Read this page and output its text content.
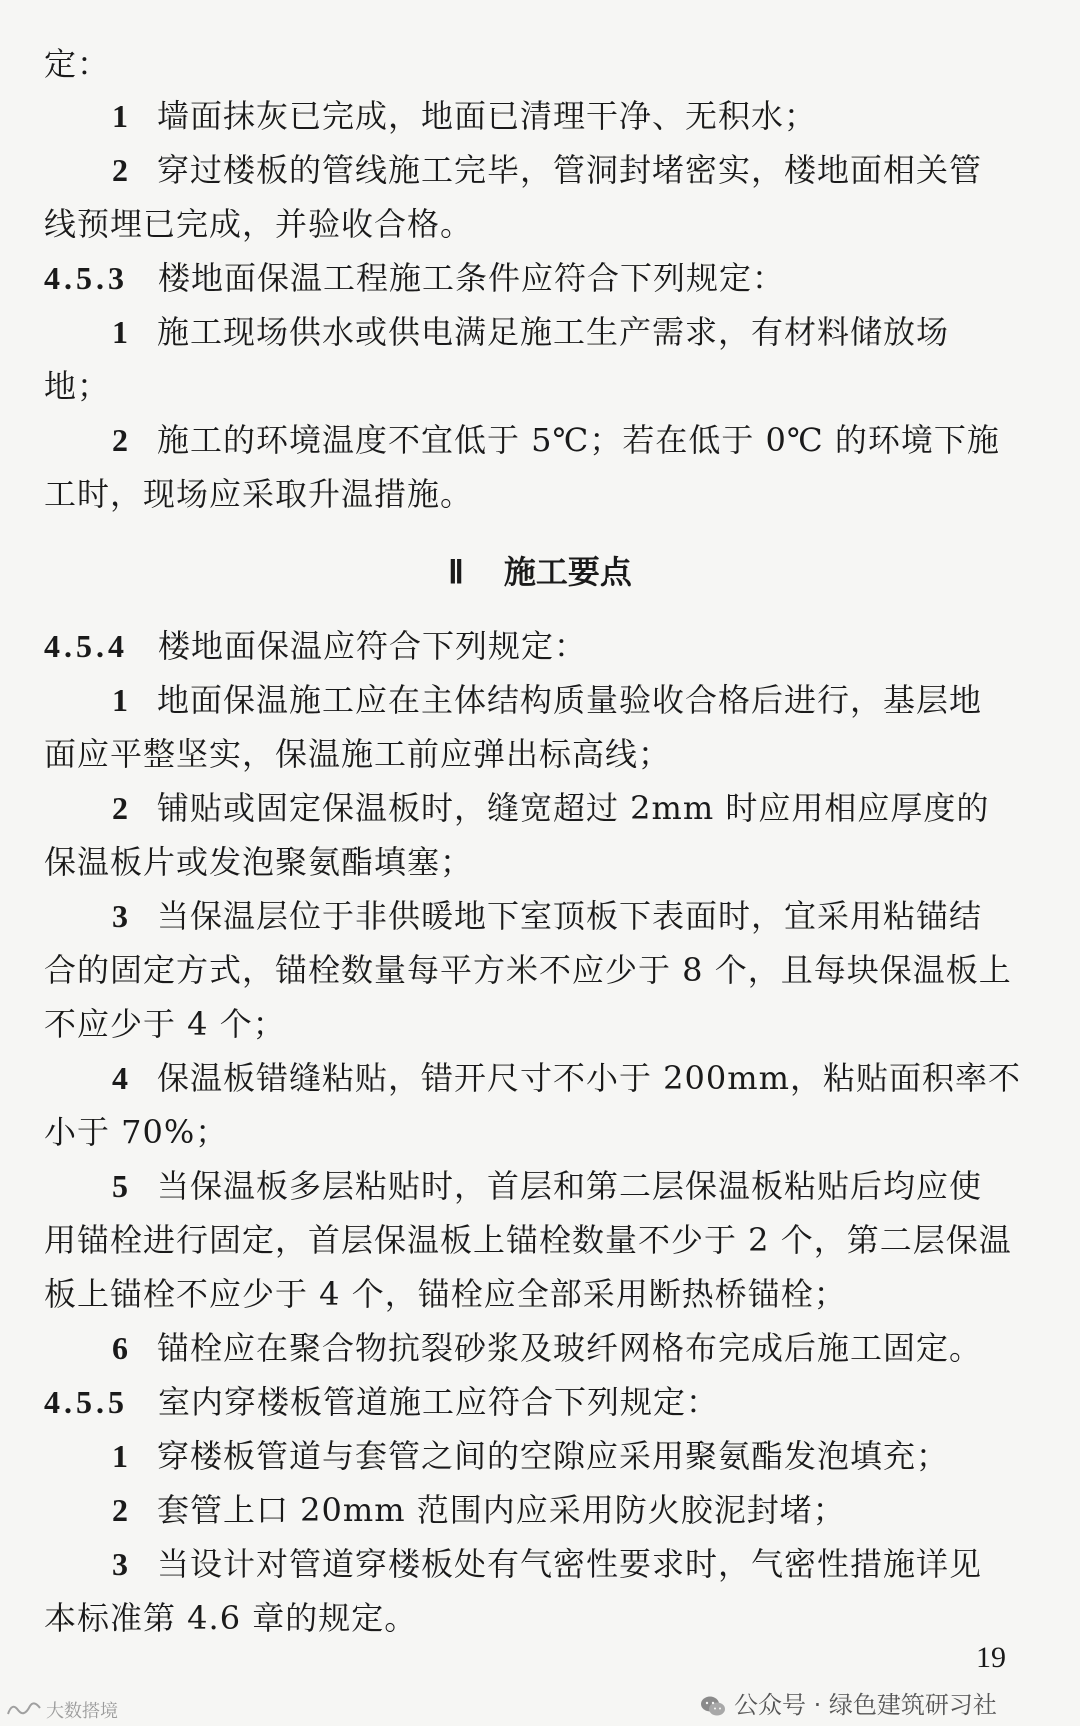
定：
1 墙面抹灰已完成，地面已清理干净、无积水；
2 穿过楼板的管线施工完毕，管洞封堵密实，楼地面相关管
线预埋已完成，并验收合格。
4.5.3 楼地面保温工程施工条件应符合下列规定：
1 施工现场供水或供电满足施工生产需求，有材料储放场
地；
2 施工的环境温度不宜低于 5℃；若在低于 0℃ 的环境下施
工时，现场应采取升温措施。
Ⅱ 施工要点
4.5.4 楼地面保温应符合下列规定：
1 地面保温施工应在主体结构质量验收合格后进行，基层地
面应平整坚实，保温施工前应弹出标高线；
2 铺贴或固定保温板时，缝宽超过 2mm 时应用相应厚度的
保温板片或发泡聚氨酯填塞；
3 当保温层位于非供暖地下室顶板下表面时，宜采用粘锚结
合的固定方式，锚栓数量每平方米不应少于 8 个，且每块保温板上
不应少于 4 个；
4 保温板错缝粘贴，错开尺寸不小于 200mm，粘贴面积率不
小于 70%；
5 当保温板多层粘贴时，首层和第二层保温板粘贴后均应使
用锚栓进行固定，首层保温板上锚栓数量不少于 2 个，第二层保温
板上锚栓不应少于 4 个，锚栓应全部采用断热桥锚栓；
6 锚栓应在聚合物抗裂砂浆及玻纤网格布完成后施工固定。
4.5.5 室内穿楼板管道施工应符合下列规定：
1 穿楼板管道与套管之间的空隙应采用聚氨酯发泡填充；
2 套管上口 20mm 范围内应采用防火胶泥封堵；
3 当设计对管道穿楼板处有气密性要求时，气密性措施详见
本标准第 4.6 章的规定。
19
公众号 · 绿色建筑研习社
大数搭境
